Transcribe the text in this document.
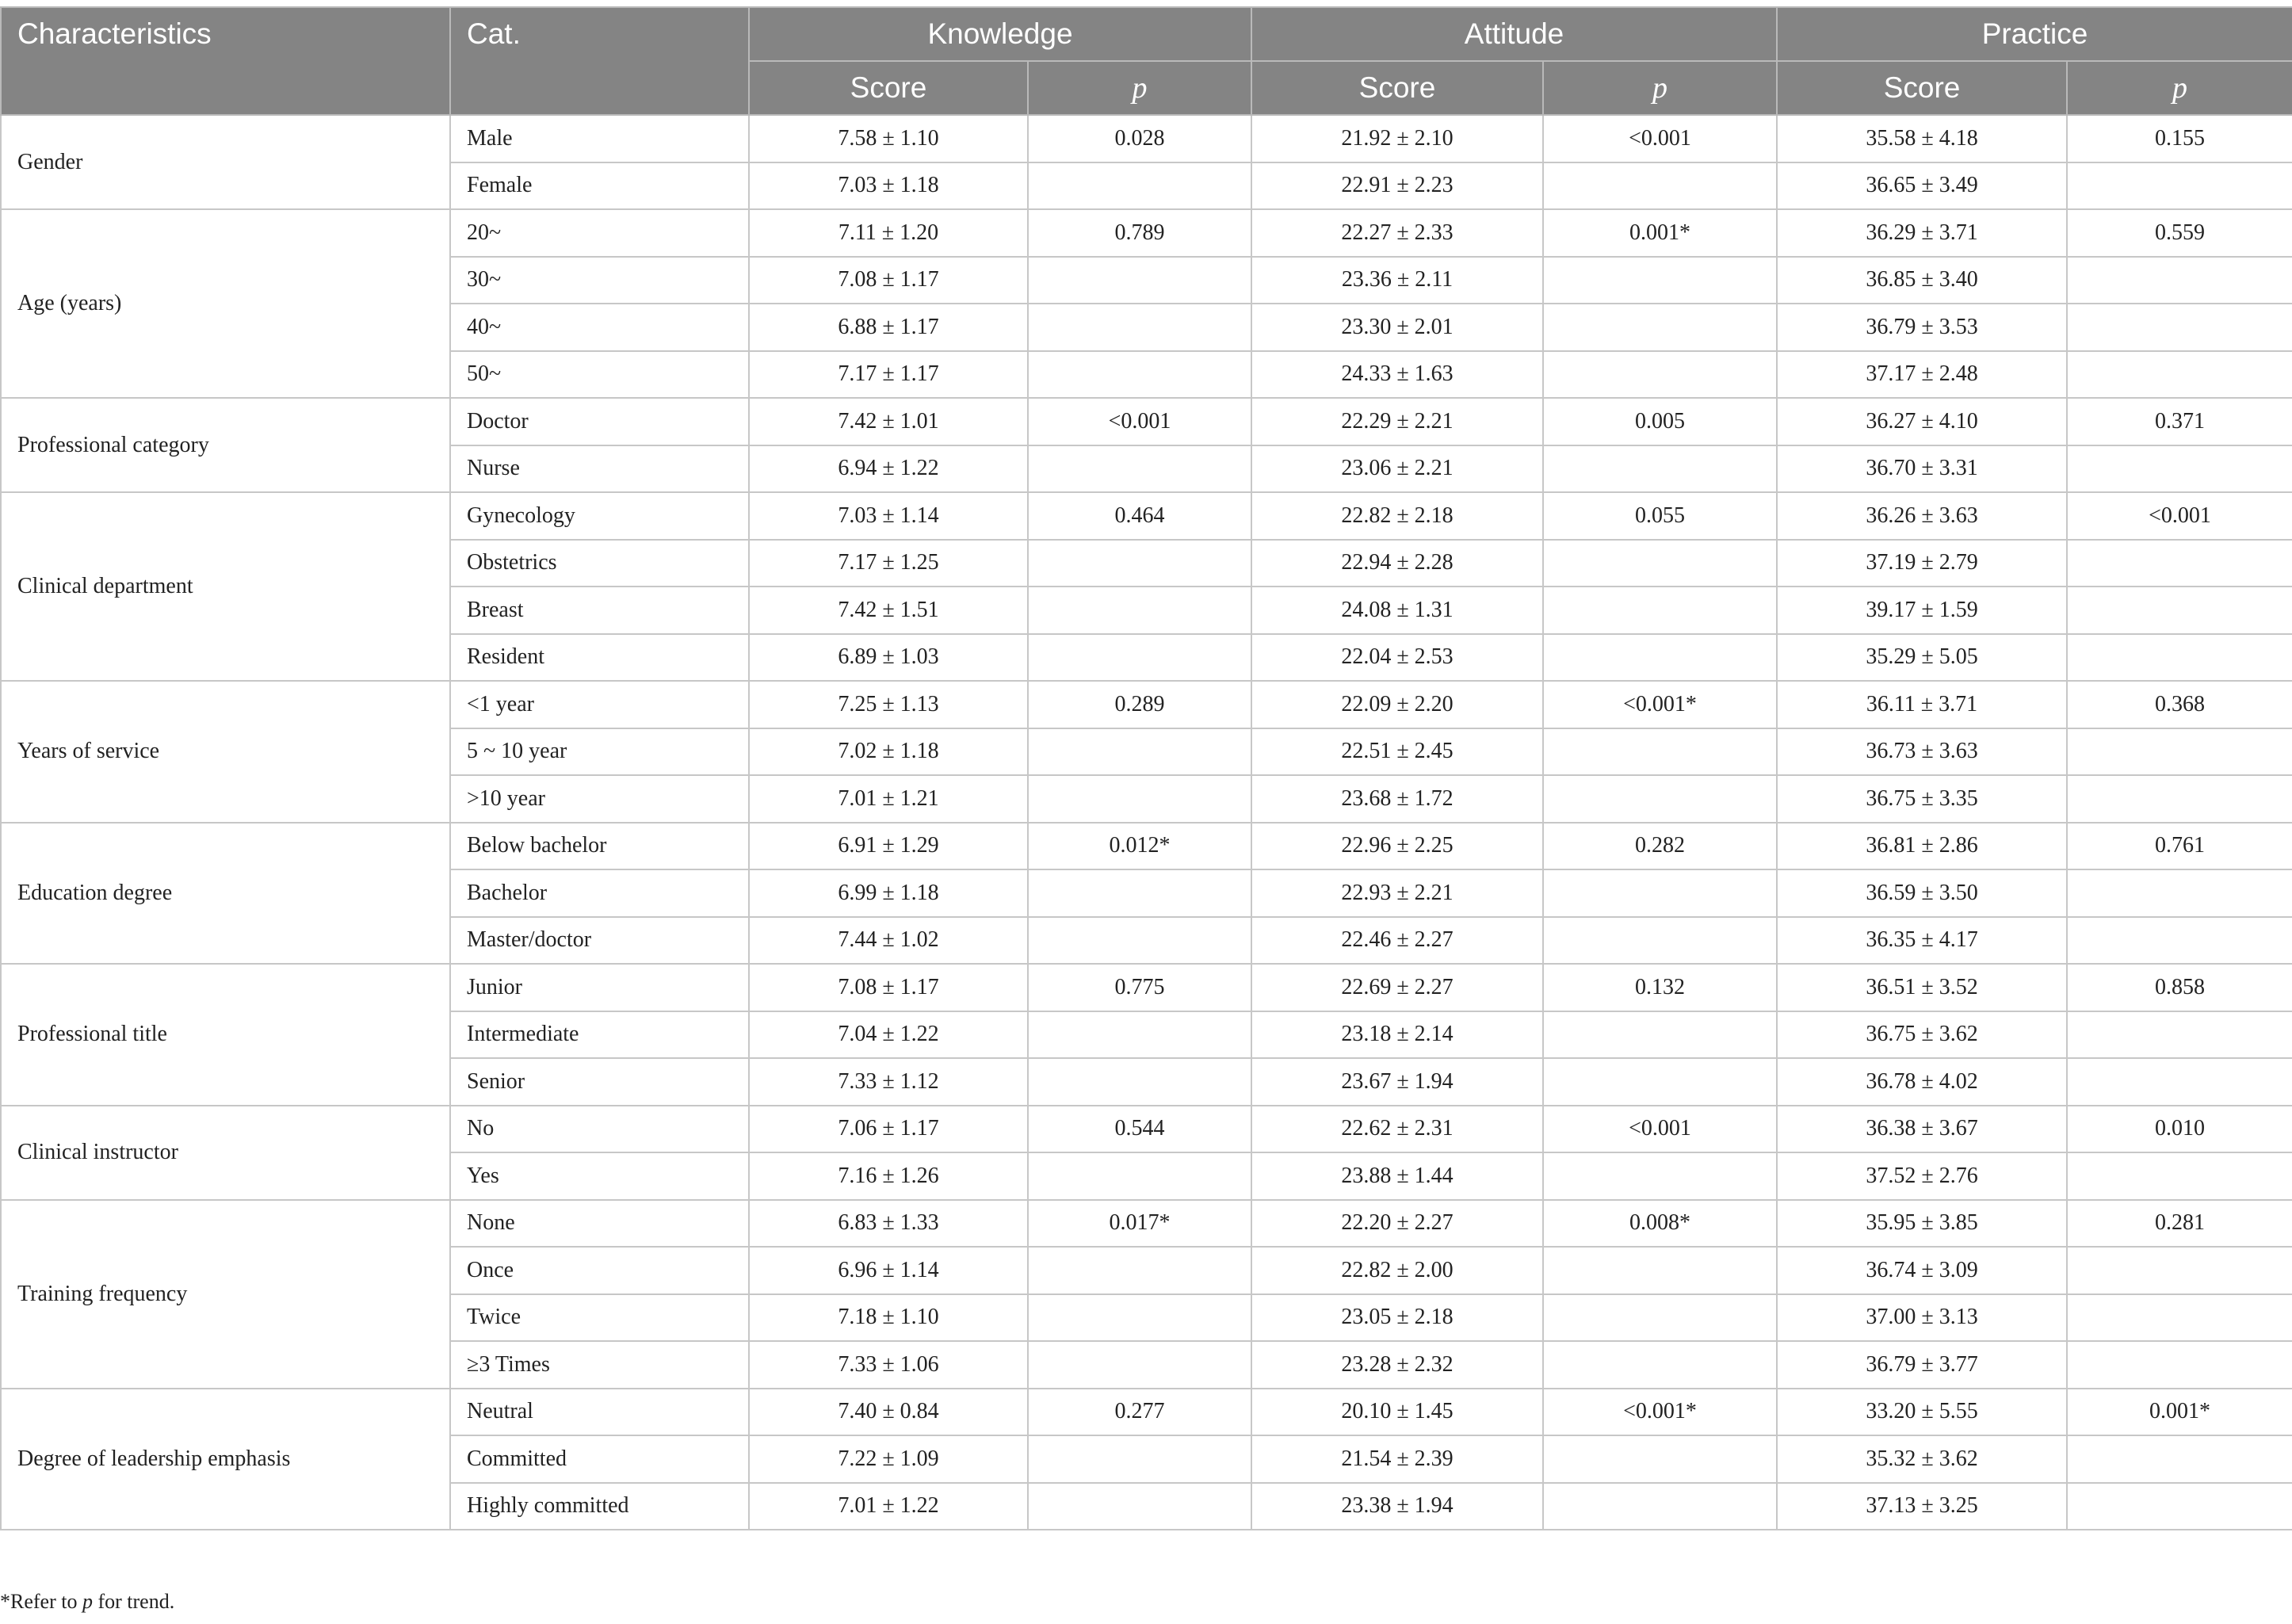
Characteristics	Cat.	Knowledge		Attitude		Practice	
		Score	p	Score	p	Score	p
Gender	Male	7.58 ± 1.10	0.028	21.92 ± 2.10	<0.001	35.58 ± 4.18	0.155
	Female	7.03 ± 1.18		22.91 ± 2.23		36.65 ± 3.49	
Age (years)	20~	7.11 ± 1.20	0.789	22.27 ± 2.33	0.001*	36.29 ± 3.71	0.559
	30~	7.08 ± 1.17		23.36 ± 2.11		36.85 ± 3.40	
	40~	6.88 ± 1.17		23.30 ± 2.01		36.79 ± 3.53	
	50~	7.17 ± 1.17		24.33 ± 1.63		37.17 ± 2.48	
Professional category	Doctor	7.42 ± 1.01	<0.001	22.29 ± 2.21	0.005	36.27 ± 4.10	0.371
	Nurse	6.94 ± 1.22		23.06 ± 2.21		36.70 ± 3.31	
Clinical department	Gynecology	7.03 ± 1.14	0.464	22.82 ± 2.18	0.055	36.26 ± 3.63	<0.001
	Obstetrics	7.17 ± 1.25		22.94 ± 2.28		37.19 ± 2.79	
	Breast	7.42 ± 1.51		24.08 ± 1.31		39.17 ± 1.59	
	Resident	6.89 ± 1.03		22.04 ± 2.53		35.29 ± 5.05	
Years of service	<1 year	7.25 ± 1.13	0.289	22.09 ± 2.20	<0.001*	36.11 ± 3.71	0.368
	5 ~ 10 year	7.02 ± 1.18		22.51 ± 2.45		36.73 ± 3.63	
	>10 year	7.01 ± 1.21		23.68 ± 1.72		36.75 ± 3.35	
Education degree	Below bachelor	6.91 ± 1.29	0.012*	22.96 ± 2.25	0.282	36.81 ± 2.86	0.761
	Bachelor	6.99 ± 1.18		22.93 ± 2.21		36.59 ± 3.50	
	Master/doctor	7.44 ± 1.02		22.46 ± 2.27		36.35 ± 4.17	
Professional title	Junior	7.08 ± 1.17	0.775	22.69 ± 2.27	0.132	36.51 ± 3.52	0.858
	Intermediate	7.04 ± 1.22		23.18 ± 2.14		36.75 ± 3.62	
	Senior	7.33 ± 1.12		23.67 ± 1.94		36.78 ± 4.02	
Clinical instructor	No	7.06 ± 1.17	0.544	22.62 ± 2.31	<0.001	36.38 ± 3.67	0.010
	Yes	7.16 ± 1.26		23.88 ± 1.44		37.52 ± 2.76	
Training frequency	None	6.83 ± 1.33	0.017*	22.20 ± 2.27	0.008*	35.95 ± 3.85	0.281
	Once	6.96 ± 1.14		22.82 ± 2.00		36.74 ± 3.09	
	Twice	7.18 ± 1.10		23.05 ± 2.18		37.00 ± 3.13	
	≥3 Times	7.33 ± 1.06		23.28 ± 2.32		36.79 ± 3.77	
Degree of leadership emphasis	Neutral	7.40 ± 0.84	0.277	20.10 ± 1.45	<0.001*	33.20 ± 5.55	0.001*
	Committed	7.22 ± 1.09		21.54 ± 2.39		35.32 ± 3.62	
	Highly committed	7.01 ± 1.22		23.38 ± 1.94		37.13 ± 3.25	
*Refer to p for trend.
